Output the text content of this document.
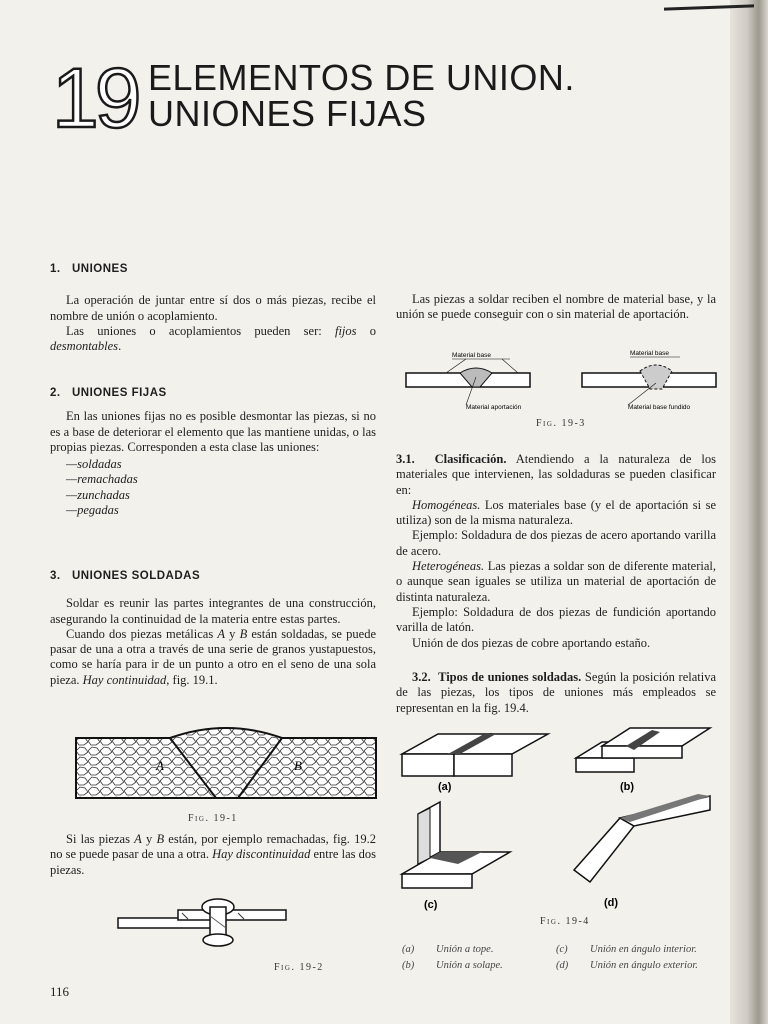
19 ELEMENTOS DE UNION.
UNIONES FIJAS
1. UNIONES

La operación de juntar entre sí dos o más piezas, recibe el nombre de unión o acoplamiento.

Las uniones o acoplamientos pueden ser: fijos o desmontables.

2. UNIONES FIJAS

En las uniones fijas no es posible desmontar las piezas, si no es a base de deteriorar el elemento que las mantiene unidas, o las propias piezas. Corresponden a esta clase las uniones:

—soldadas
—remachadas
—zunchadas
—pegadas
3. UNIONES SOLDADAS

Soldar es reunir las partes integrantes de una construcción, asegurando la continuidad de la materia entre estas partes.

Cuando dos piezas metálicas A y B están soldadas, se puede pasar de una a otra a través de una serie de granos yustapuestos, como se haría para ir de un punto a otro en el seno de una sola pieza. Hay continuidad, fig. 19.1.

A	B
Fig. 19-1

Si las piezas A y B están, por ejemplo remachadas, fig. 19.2 no se puede pasar de una a otra. Hay discontinuidad entre las dos piezas.

Fig. 19-2
116

Las piezas a soldar reciben el nombre de material base, y la unión se puede conseguir con o sin material de aportación.

Material base
Material aportación
Material base
Material base fundido
Fig. 19-3

3.1. Clasificación. Atendiendo a la naturaleza de los materiales que intervienen, las soldaduras se pueden clasificar en:

Homogéneas. Los materiales base (y el de aportación si se utiliza) son de la misma naturaleza.

Ejemplo: Soldadura de dos piezas de acero aportando varilla de acero.

Heterogéneas. Las piezas a soldar son de diferente material, o aunque sean iguales se utiliza un material de aportación de distinta naturaleza.

Ejemplo: Soldadura de dos piezas de fundición aportando varilla de latón.

Unión de dos piezas de cobre aportando estaño.

3.2. Tipos de uniones soldadas. Según la posición relativa de las piezas, los tipos de uniones más empleados se representan en la fig. 19.4.

(a)	(b)
(c)	(d)
Fig. 19-4
(a) Unión a tope.	(c) Unión en ángulo interior.
(b) Unión a solape.	(d) Unión en ángulo exterior.
